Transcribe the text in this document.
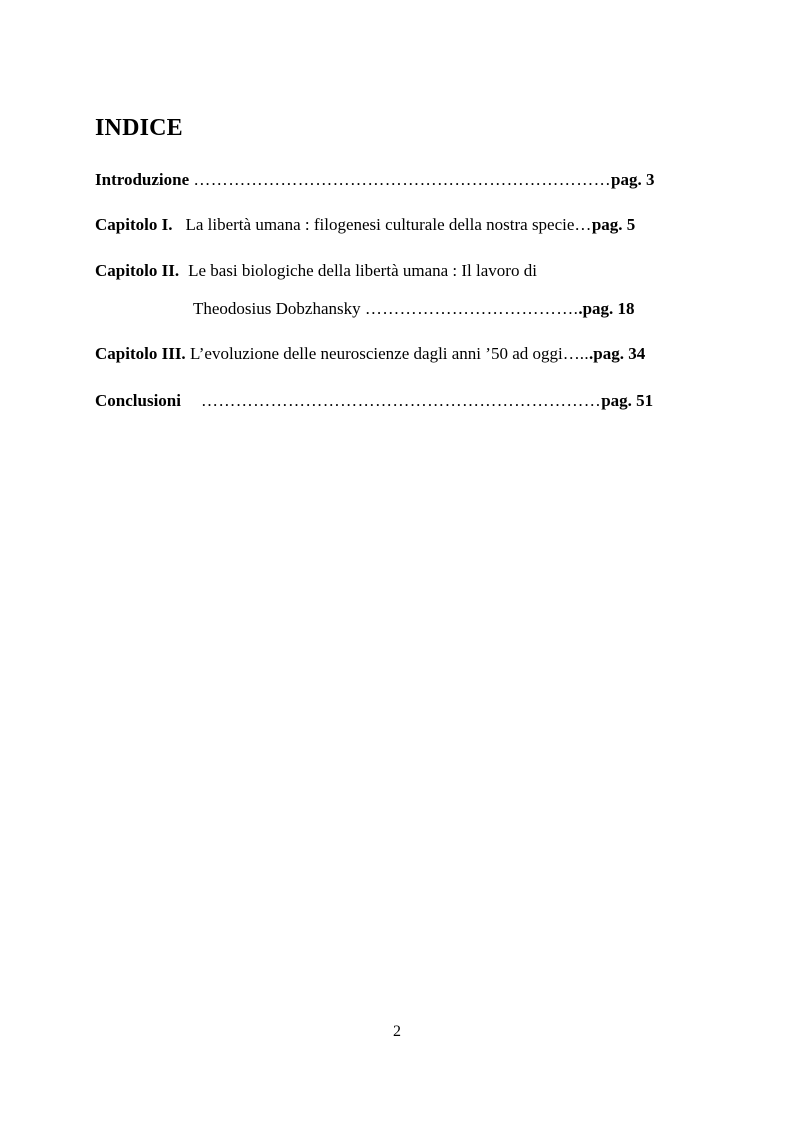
INDICE

Introduzione ………………………………………………………………pag. 3

Capitolo I. La libertà umana : filogenesi culturale della nostra specie…pag. 5

Capitolo II. Le basi biologiche della libertà umana : Il lavoro di

Theodosius Dobzhansky ………………………………..pag. 18

Capitolo III. L’evoluzione delle neuroscienze dagli anni ’50 ad oggi…...pag. 34

Conclusioni ……………………………………………………………pag. 51

2
